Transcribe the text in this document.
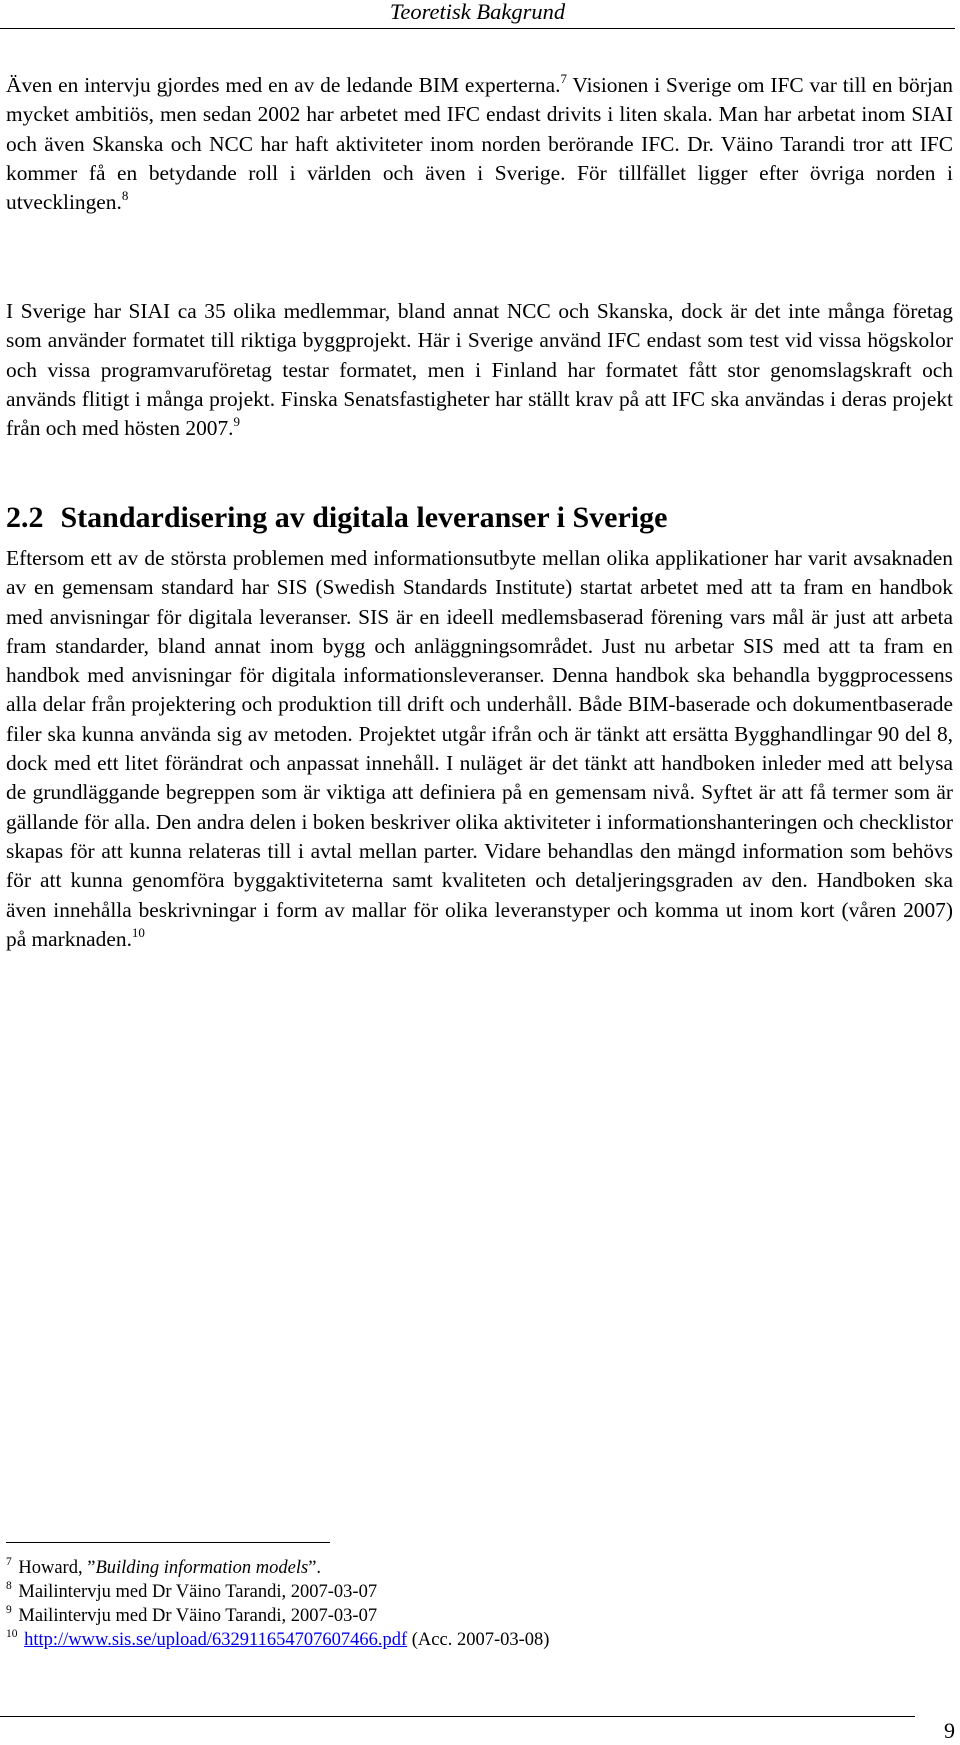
Teoretisk Bakgrund

Även en intervju gjordes med en av de ledande BIM experterna.$^7$ Visionen i Sverige om IFC var till en början mycket ambitiös, men sedan 2002 har arbetet med IFC endast drivits i liten skala. Man har arbetat inom SIAI och även Skanska och NCC har haft aktiviteter inom norden berörande IFC. Dr. Väino Tarandi tror att IFC kommer få en betydande roll i världen och även i Sverige. För tillfället ligger efter övriga norden i utvecklingen.$^8$

I Sverige har SIAI ca 35 olika medlemmar, bland annat NCC och Skanska, dock är det inte många företag som använder formatet till riktiga byggprojekt. Här i Sverige använd IFC endast som test vid vissa högskolor och vissa programvaruföretag testar formatet, men i Finland har formatet fått stor genomslagskraft och används flitigt i många projekt. Finska Senatsfastigheter har ställt krav på att IFC ska användas i deras projekt från och med hösten 2007.$^9$

2.2 Standardisering av digitala leveranser i Sverige

Eftersom ett av de största problemen med informationsutbyte mellan olika applikationer har varit avsaknaden av en gemensam standard har SIS (Swedish Standards Institute) startat arbetet med att ta fram en handbok med anvisningar för digitala leveranser. SIS är en ideell medlemsbaserad förening vars mål är just att arbeta fram standarder, bland annat inom bygg och anläggningsområdet. Just nu arbetar SIS med att ta fram en handbok med anvisningar för digitala informationsleveranser. Denna handbok ska behandla byggprocessens alla delar från projektering och produktion till drift och underhåll. Både BIM-baserade och dokumentbaserade filer ska kunna använda sig av metoden. Projektet utgår ifrån och är tänkt att ersätta Bygghandlingar 90 del 8, dock med ett litet förändrat och anpassat innehåll. I nuläget är det tänkt att handboken inleder med att belysa de grundläggande begreppen som är viktiga att definiera på en gemensam nivå. Syftet är att få termer som är gällande för alla. Den andra delen i boken beskriver olika aktiviteter i informationshanteringen och checklistor skapas för att kunna relateras till i avtal mellan parter. Vidare behandlas den mängd information som behövs för att kunna genomföra byggaktiviteterna samt kvaliteten och detaljeringsgraden av den. Handboken ska även innehålla beskrivningar i form av mallar för olika leveranstyper och komma ut inom kort (våren 2007) på marknaden.$^{10}$

$^7$ Howard, ”Building information models”.
$^8$ Mailintervju med Dr Väino Tarandi, 2007-03-07
$^9$ Mailintervju med Dr Väino Tarandi, 2007-03-07
$^{10}$ http://www.sis.se/upload/632911654707607466.pdf (Acc. 2007-03-08)
9
